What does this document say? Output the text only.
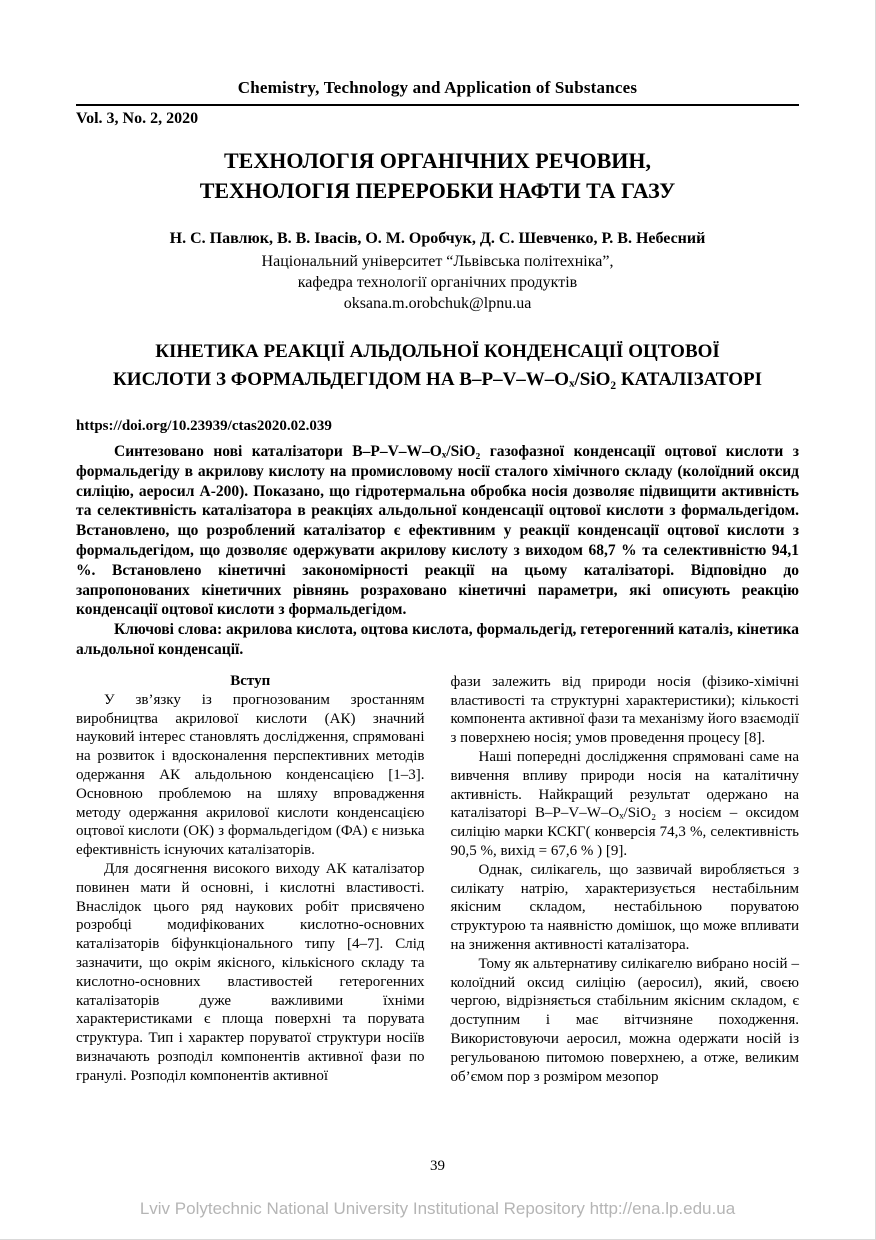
Chemistry, Technology and Application of Substances
Vol. 3, No. 2, 2020
ТЕХНОЛОГІЯ ОРГАНІЧНИХ РЕЧОВИН,
ТЕХНОЛОГІЯ ПЕРЕРОБКИ НАФТИ ТА ГАЗУ
Н. С. Павлюк, В. В. Івасів, О. М. Оробчук, Д. С. Шевченко, Р. В. Небесний
Національний університет “Львівська політехніка”,
кафедра технології органічних продуктів
oksana.m.orobchuk@lpnu.ua
КІНЕТИКА РЕАКЦІЇ АЛЬДОЛЬНОЇ КОНДЕНСАЦІЇ ОЦТОВОЇ
КИСЛОТИ З ФОРМАЛЬДЕГІДОМ НА B–P–V–W–Oₓ/SiO₂ КАТАЛІЗАТОРІ
https://doi.org/10.23939/ctas2020.02.039

Синтезовано нові каталізатори B–P–V–W–Oₓ/SiO₂ газофазної конденсації оцтової кислоти з формальдегіду в акрилову кислоту на промисловому носії сталого хімічного складу (колоїдний оксид силіцію, аеросил А-200). Показано, що гідротермальна обробка носія дозволяє підвищити активність та селективність каталізатора в реакціях альдольної конденсації оцтової кислоти з формальдегідом. Встановлено, що розроблений каталізатор є ефективним у реакції конденсації оцтової кислоти з формальдегідом, що дозволяє одержувати акрилову кислоту з виходом 68,7 % та селективністю 94,1 %. Встановлено кінетичні закономірності реакції на цьому каталізаторі. Відповідно до запропонованих кінетичних рівнянь розраховано кінетичні параметри, які описують реакцію конденсації оцтової кислоти з формальдегідом.

Ключові слова: акрилова кислота, оцтова кислота, формальдегід, гетерогенний каталіз, кінетика альдольної конденсації.

Вступ

У зв’язку із прогнозованим зростанням виробництва акрилової кислоти (АК) значний науковий інтерес становлять дослідження, спрямовані на розвиток і вдосконалення перспективних методів одержання АК альдольною конденсацією [1–3]. Основною проблемою на шляху впровадження методу одержання акрилової кислоти конденсацією оцтової кислоти (ОК) з формальдегідом (ФА) є низька ефективність існуючих каталізаторів.

Для досягнення високого виходу АК каталізатор повинен мати й основні, і кислотні властивості. Внаслідок цього ряд наукових робіт присвячено розробці модифікованих кислотно-основних каталізаторів біфункціонального типу [4–7]. Слід зазначити, що окрім якісного, кількісного складу та кислотно-основних властивостей гетерогенних каталізаторів дуже важливими їхніми характеристиками є площа поверхні та порувата структура. Тип і характер поруватої структури носіїв визначають розподіл компонентів активної фази по гранулі. Розподіл компонентів активної

фази залежить від природи носія (фізико-хімічні властивості та структурні характеристики); кількості компонента активної фази та механізму його взаємодії з поверхнею носія; умов проведення процесу [8].

Наші попередні дослідження спрямовані саме на вивчення впливу природи носія на каталітичну активність. Найкращий результат одержано на каталізаторі B–P–V–W–Oₓ/SiO₂ з носієм – оксидом силіцію марки КСКГ( конверсія 74,3 %, селективність 90,5 %, вихід = 67,6 % ) [9].

Однак, силікагель, що зазвичай виробляється з силікату натрію, характеризується нестабільним якісним складом, нестабільною поруватою структурою та наявністю домішок, що може впливати на зниження активності каталізатора.

Тому як альтернативу силікагелю вибрано носій – колоїдний оксид силіцію (аеросил), який, своєю чергою, відрізняється стабільним якісним складом, є доступним і має вітчизняне походження. Використовуючи аеросил, можна одержати носій із регульованою питомою поверхнею, а отже, великим об’ємом пор з розміром мезопор

39
Lviv Polytechnic National University Institutional Repository http://ena.lp.edu.ua
